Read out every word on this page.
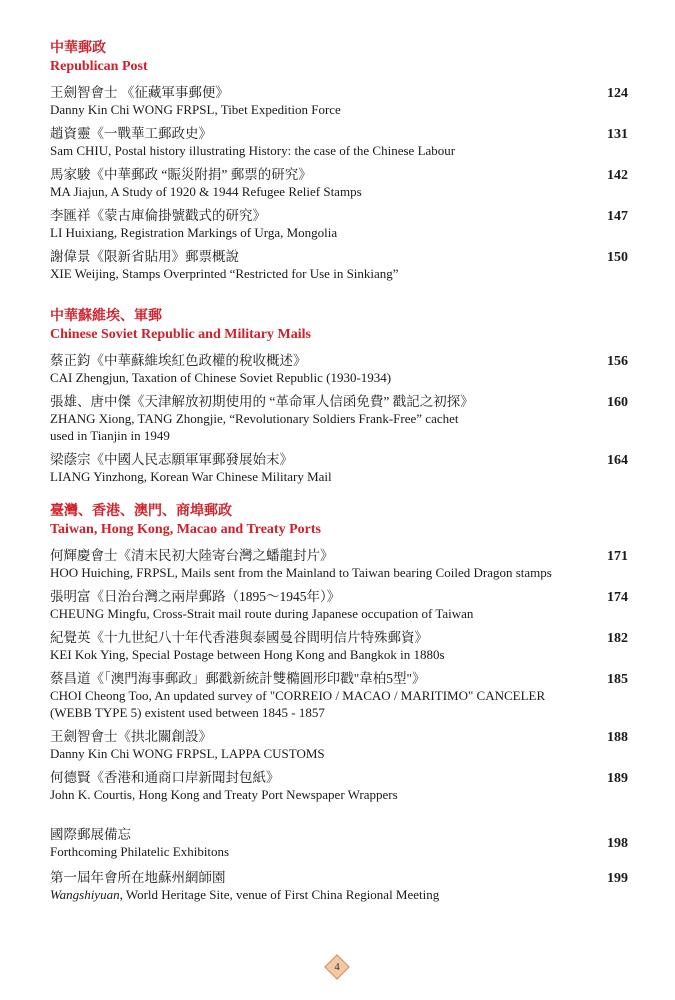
中華郵政
Republican Post
王劍智會士 《征藏軍事郵便》
Danny Kin Chi WONG FRPSL, Tibet Expedition Force
124
趙資靈《一戰華工郵政史》
Sam CHIU, Postal history illustrating History: the case of the Chinese Labour
131
馬家駿《中華郵政 “賑災附捐” 郵票的研究》
MA Jiajun, A Study of 1920 & 1944 Refugee Relief Stamps
142
李匯祥《蒙古庫倫掛號戳式的研究》
LI Huixiang, Registration Markings of Urga, Mongolia
147
謝偉景《限新省貼用》郵票概說
XIE Weijing, Stamps Overprinted “Restricted for Use in Sinkiang”
150
中華蘇維埃、軍郵
Chinese Soviet Republic and Military Mails
蔡正鈞《中華蘇維埃紅色政權的稅收概述》
CAI Zhengjun, Taxation of Chinese Soviet Republic (1930-1934)
156
張雄、唐中傑《天津解放初期使用的 “革命軍人信函免費” 戳記之初探》
ZHANG Xiong, TANG Zhongjie, “Revolutionary Soldiers Frank-Free” cachet used in Tianjin in 1949
160
梁蔭宗《中國人民志願軍軍郵發展始末》
LIANG Yinzhong, Korean War Chinese Military Mail
164
臺灣、香港、澳門、商埠郵政
Taiwan, Hong Kong, Macao and Treaty Ports
何輝慶會士《清末民初大陸寄台灣之蟠龍封片》
HOO Huiching, FRPSL, Mails sent from the Mainland to Taiwan bearing Coiled Dragon stamps
171
張明富《日治台灣之兩岸郵路（1895～1945年）》
CHEUNG Mingfu, Cross-Strait mail route during Japanese occupation of Taiwan
174
紀覺英《十九世紀八十年代香港與泰國曼谷間明信片特殊郵資》
KEI Kok Ying, Special Postage between Hong Kong and Bangkok in 1880s
182
蔡昌道《「澳門海事郵政」郵戳新統計雙橢圓形印戳"韋柏5型"》
CHOI Cheong Too, An updated survey of "CORREIO / MACAO / MARITIMO" CANCELER (WEBB TYPE 5) existent used between 1845 - 1857
185
王劍智會士《拱北關創設》
Danny Kin Chi WONG FRPSL, LAPPA CUSTOMS
188
何德賢《香港和通商口岸新聞封包紙》
John K. Courtis, Hong Kong and Treaty Port Newspaper Wrappers
189
國際郵展備忘
Forthcoming Philatelic Exhibitons
198
第一屆年會所在地蘇州網師園
Wangshiyuan, World Heritage Site, venue of First China Regional Meeting
199
4
